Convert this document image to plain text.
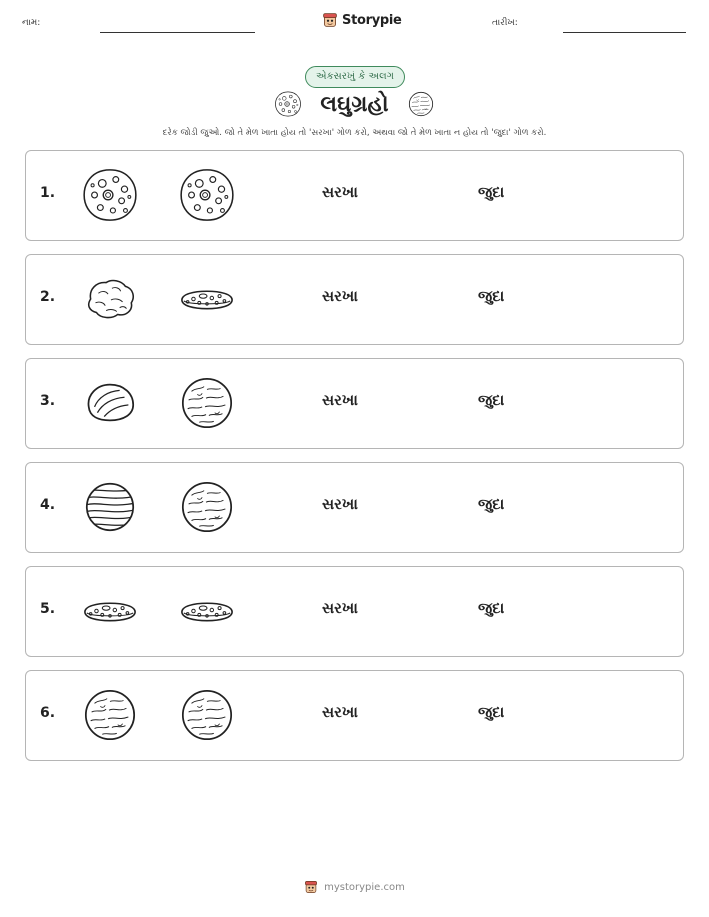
નામ:	Storypie	તારીખ:
એકસરખું કે અલગ
લઘુગ્રહો
દરેક જોડી જુઓ. જો તે મેળ ખાતા હોય તો 'સરખા' ગોળ કરો, અથવા જો તે મેળ ખાતા ન હોય તો 'જુદા' ગોળ કરો.
1.	સરખા	જુદા
2.	સરખા	જુદા
3.	સરખા	જુદા
4.	સરખા	જુદા
5.	સરખા	જુદા
6.	સરખા	જુદા
mystorypie.com
